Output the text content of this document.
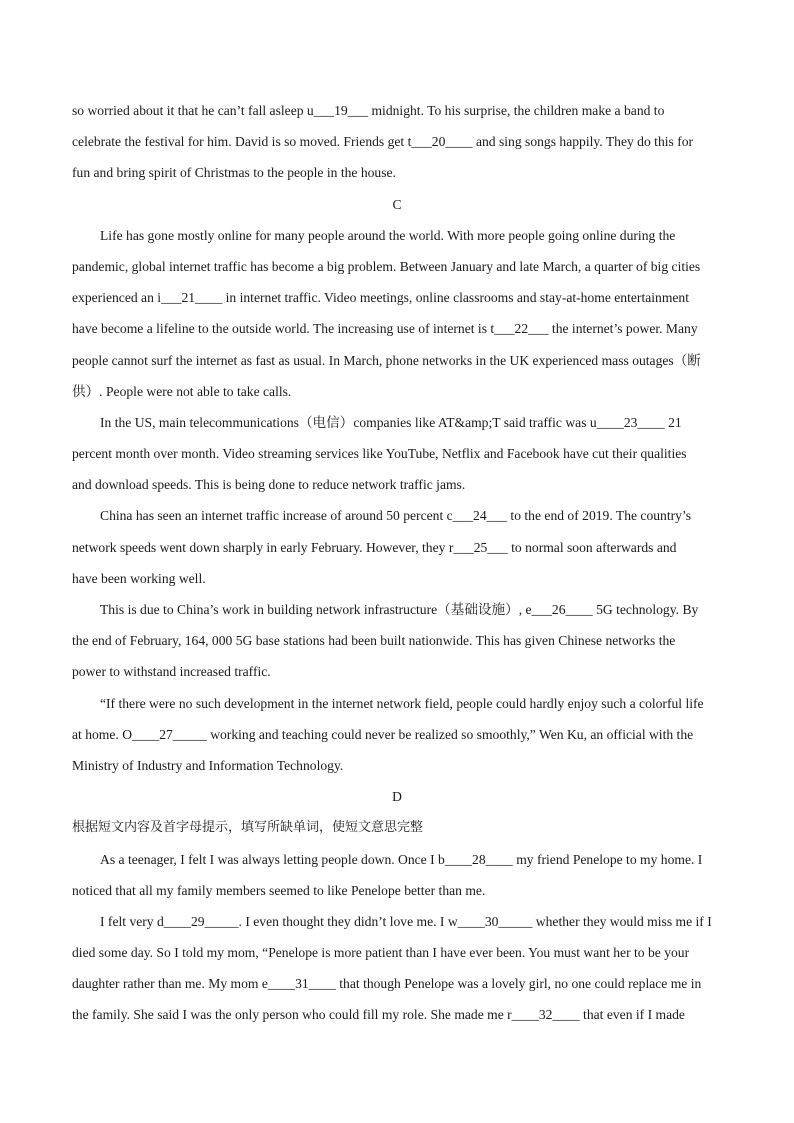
so worried about it that he can’t fall asleep u___19___ midnight. To his surprise, the children make a band to
celebrate the festival for him. David is so moved. Friends get t___20____ and sing songs happily. They do this for
fun and bring spirit of Christmas to the people in the house.
C
Life has gone mostly online for many people around the world. With more people going online during the
pandemic, global internet traffic has become a big problem. Between January and late March, a quarter of big cities
experienced an i___21____ in internet traffic. Video meetings, online classrooms and stay-at-home entertainment
have become a lifeline to the outside world. The increasing use of internet is t___22___ the internet’s power. Many
people cannot surf the internet as fast as usual. In March, phone networks in the UK experienced mass outages（断
供）. People were not able to take calls.
In the US, main telecommunications（电信）companies like AT&amp;T said traffic was u____23____ 21
percent month over month. Video streaming services like YouTube, Netflix and Facebook have cut their qualities
and download speeds. This is being done to reduce network traffic jams.
China has seen an internet traffic increase of around 50 percent c___24___ to the end of 2019. The country’s
network speeds went down sharply in early February. However, they r___25___ to normal soon afterwards and
have been working well.
This is due to China’s work in building network infrastructure（基础设施）, e___26____ 5G technology. By
the end of February, 164, 000 5G base stations had been built nationwide. This has given Chinese networks the
power to withstand increased traffic.
“If there were no such development in the internet network field, people could hardly enjoy such a colorful life
at home. O____27_____ working and teaching could never be realized so smoothly,” Wen Ku, an official with the
Ministry of Industry and Information Technology.
D
根据短文内容及首字母提示，填写所缺单词，使短文意思完整
As a teenager, I felt I was always letting people down. Once I b____28____ my friend Penelope to my home. I
noticed that all my family members seemed to like Penelope better than me.
I felt very d____29_____. I even thought they didn’t love me. I w____30_____ whether they would miss me if I
died some day. So I told my mom, “Penelope is more patient than I have ever been. You must want her to be your
daughter rather than me. My mom e____31____ that though Penelope was a lovely girl, no one could replace me in
the family. She said I was the only person who could fill my role. She made me r____32____ that even if I made
